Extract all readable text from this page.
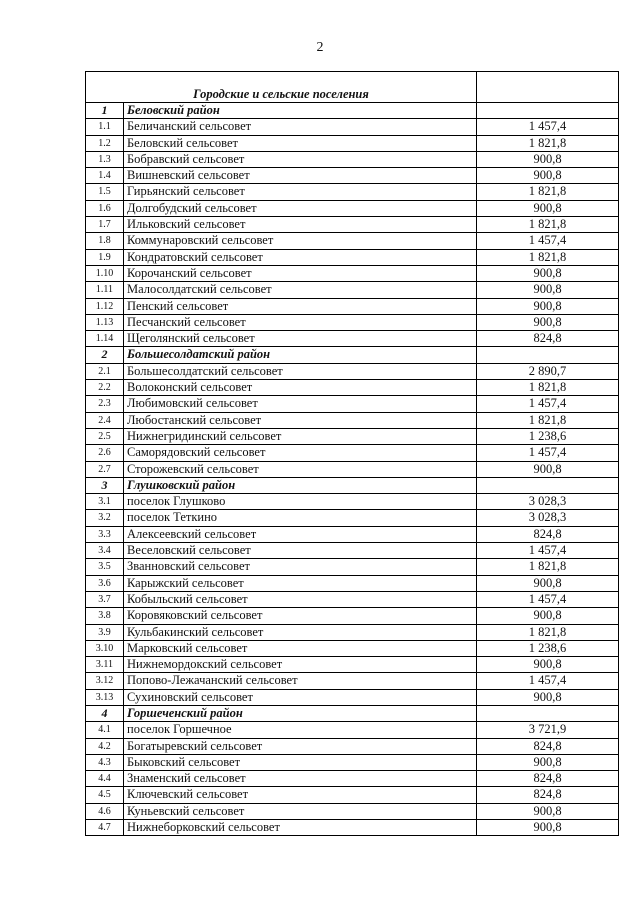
2
Городские и сельские поселения		
1	Беловский район	
1.1	Беличанский сельсовет	1 457,4
1.2	Беловский сельсовет	1 821,8
1.3	Бобравский сельсовет	900,8
1.4	Вишневский сельсовет	900,8
1.5	Гирьянский сельсовет	1 821,8
1.6	Долгобудский сельсовет	900,8
1.7	Ильковский сельсовет	1 821,8
1.8	Коммунаровский сельсовет	1 457,4
1.9	Кондратовский сельсовет	1 821,8
1.10	Корочанский сельсовет	900,8
1.11	Малосолдатский сельсовет	900,8
1.12	Пенский сельсовет	900,8
1.13	Песчанский сельсовет	900,8
1.14	Щеголянский сельсовет	824,8
2	Большесолдатский район	
2.1	Большесолдатский сельсовет	2 890,7
2.2	Волоконский сельсовет	1 821,8
2.3	Любимовский сельсовет	1 457,4
2.4	Любостанский сельсовет	1 821,8
2.5	Нижнегридинский сельсовет	1 238,6
2.6	Саморядовский сельсовет	1 457,4
2.7	Сторожевский сельсовет	900,8
3	Глушковский район	
3.1	поселок Глушково	3 028,3
3.2	поселок Теткино	3 028,3
3.3	Алексеевский сельсовет	824,8
3.4	Веселовский сельсовет	1 457,4
3.5	Званновский сельсовет	1 821,8
3.6	Карыжский сельсовет	900,8
3.7	Кобыльский сельсовет	1 457,4
3.8	Коровяковский сельсовет	900,8
3.9	Кульбакинский сельсовет	1 821,8
3.10	Марковский сельсовет	1 238,6
3.11	Нижнемордокский сельсовет	900,8
3.12	Попово-Лежачанский сельсовет	1 457,4
3.13	Сухиновский сельсовет	900,8
4	Горшеченский район	
4.1	поселок Горшечное	3 721,9
4.2	Богатыревский сельсовет	824,8
4.3	Быковский сельсовет	900,8
4.4	Знаменский сельсовет	824,8
4.5	Ключевский сельсовет	824,8
4.6	Куньевский сельсовет	900,8
4.7	Нижнеборковский сельсовет	900,8
